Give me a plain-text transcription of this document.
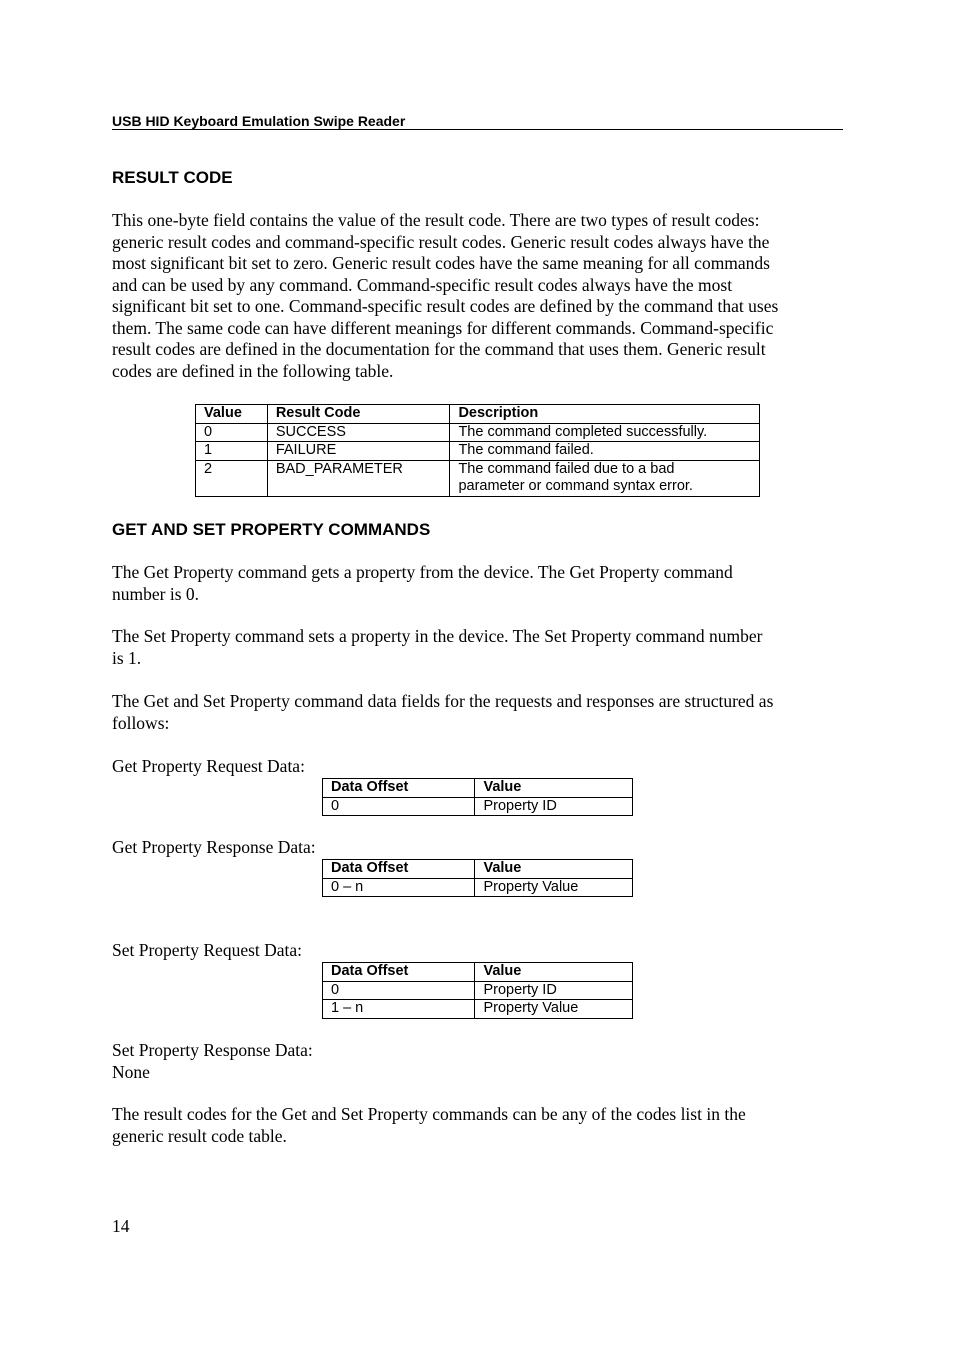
USB HID Keyboard Emulation Swipe Reader
RESULT CODE
This one-byte field contains the value of the result code. There are two types of result codes:
generic result codes and command-specific result codes. Generic result codes always have the
most significant bit set to zero. Generic result codes have the same meaning for all commands
and can be used by any command. Command-specific result codes always have the most
significant bit set to one. Command-specific result codes are defined by the command that uses
them. The same code can have different meanings for different commands. Command-specific
result codes are defined in the documentation for the command that uses them. Generic result
codes are defined in the following table.
Value	Result Code	Description
0	SUCCESS	The command completed successfully.

1	FAILURE	The command failed.

2	BAD_PARAMETER	The command failed due to a bad
parameter or command syntax error.
GET AND SET PROPERTY COMMANDS
The Get Property command gets a property from the device. The Get Property command
number is 0.
The Set Property command sets a property in the device. The Set Property command number
is 1.
The Get and Set Property command data fields for the requests and responses are structured as
follows:
Get Property Request Data:
Data Offset	Value
0	Property ID
Get Property Response Data:
Data Offset	Value
0 – n	Property Value
Set Property Request Data:
Data Offset	Value
0	Property ID
1 – n	Property Value
Set Property Response Data:
None
The result codes for the Get and Set Property commands can be any of the codes list in the
generic result code table.
14
